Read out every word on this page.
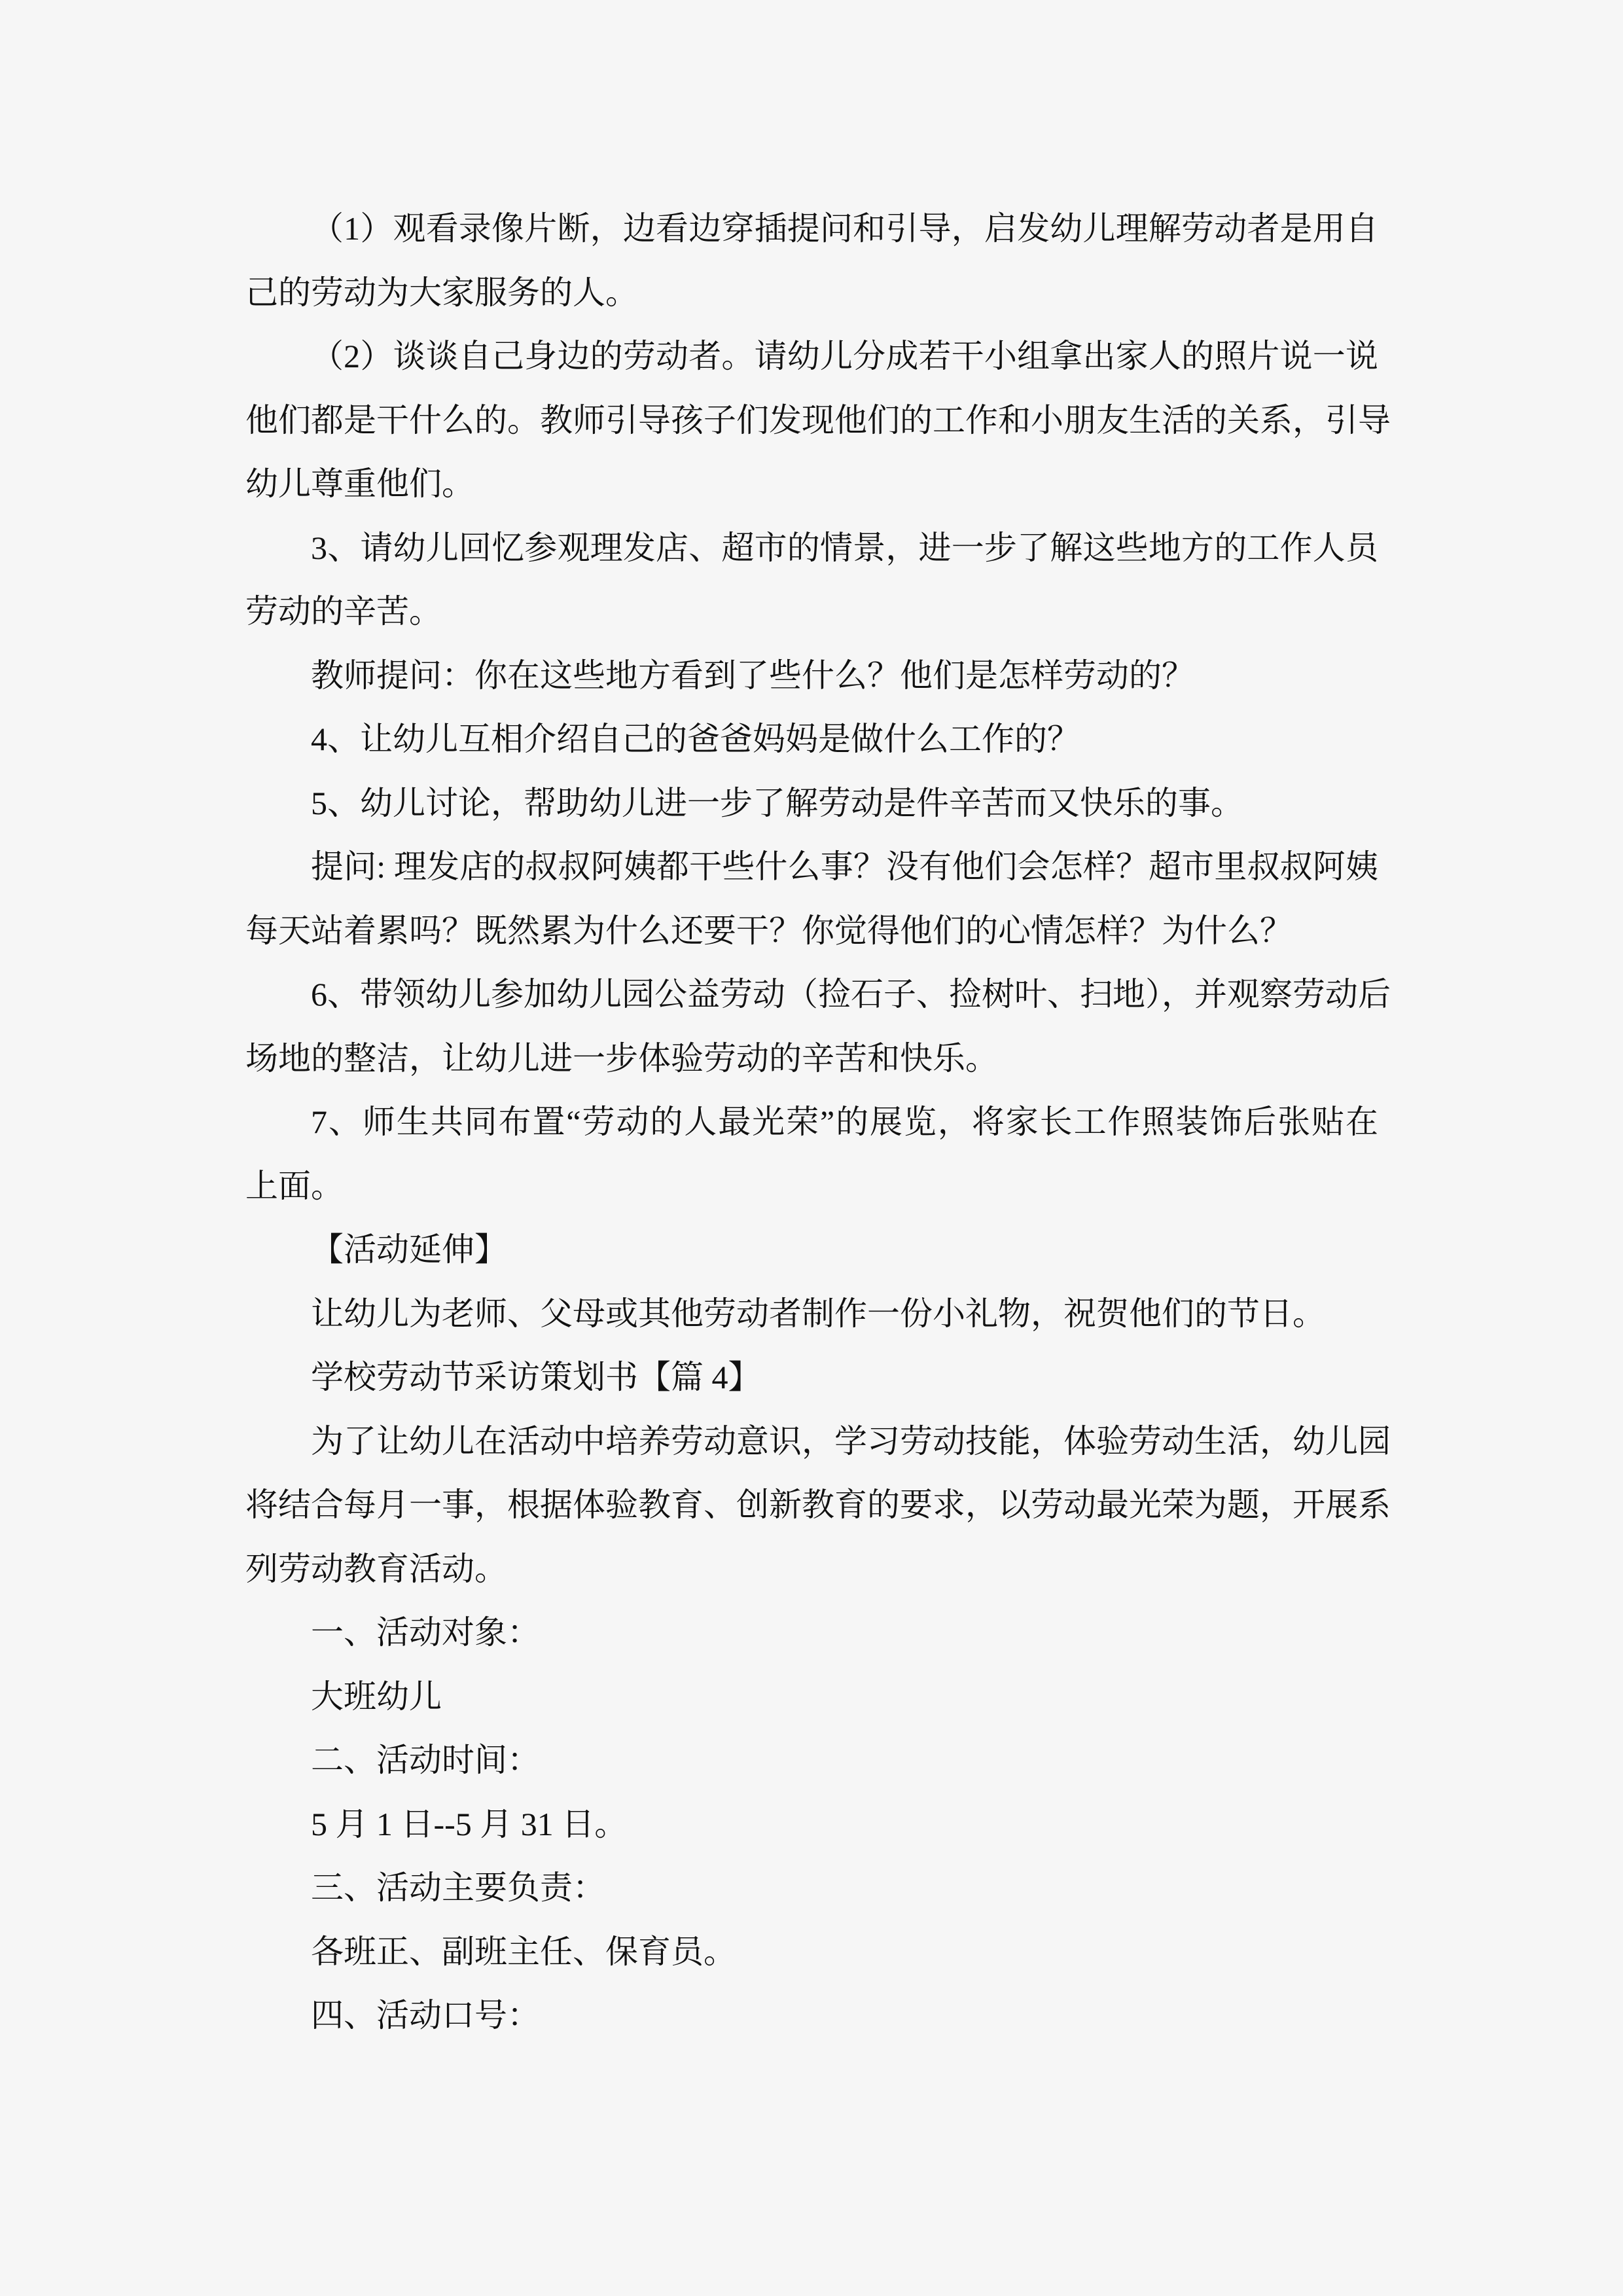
（1）观看录像片断，边看边穿插提问和引导，启发幼儿理解劳动者是用自
己的劳动为大家服务的人。
（2）谈谈自己身边的劳动者。请幼儿分成若干小组拿出家人的照片说一说
他们都是干什么的。教师引导孩子们发现他们的工作和小朋友生活的关系，引导
幼儿尊重他们。
3、请幼儿回忆参观理发店、超市的情景，进一步了解这些地方的工作人员
劳动的辛苦。
教师提问：你在这些地方看到了些什么？他们是怎样劳动的？
4、让幼儿互相介绍自己的爸爸妈妈是做什么工作的？
5、幼儿讨论，帮助幼儿进一步了解劳动是件辛苦而又快乐的事。
提问: 理发店的叔叔阿姨都干些什么事？没有他们会怎样？超市里叔叔阿姨
每天站着累吗？既然累为什么还要干？你觉得他们的心情怎样？为什么？
6、带领幼儿参加幼儿园公益劳动（捡石子、捡树叶、扫地），并观察劳动后
场地的整洁，让幼儿进一步体验劳动的辛苦和快乐。
7、师生共同布置“劳动的人最光荣”的展览，将家长工作照装饰后张贴在
上面。
【活动延伸】
让幼儿为老师、父母或其他劳动者制作一份小礼物，祝贺他们的节日。
学校劳动节采访策划书【篇 4】
为了让幼儿在活动中培养劳动意识，学习劳动技能，体验劳动生活，幼儿园
将结合每月一事，根据体验教育、创新教育的要求，以劳动最光荣为题，开展系
列劳动教育活动。
一、活动对象：
大班幼儿
二、活动时间：
5 月 1 日--5 月 31 日。
三、活动主要负责：
各班正、副班主任、保育员。
四、活动口号：
